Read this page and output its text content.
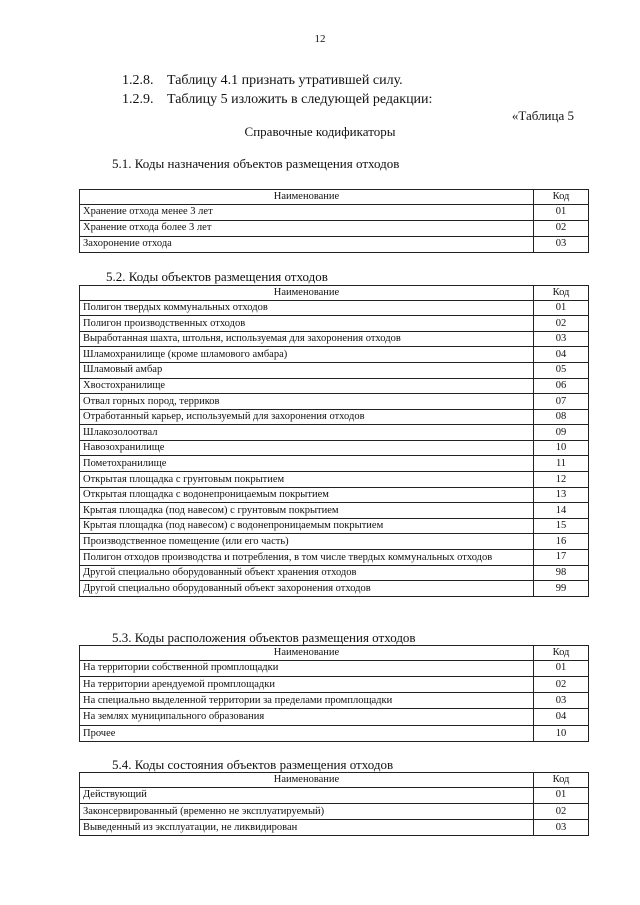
12
1.2.8. Таблицу 4.1 признать утратившей силу.
1.2.9. Таблицу 5 изложить в следующей редакции:
«Таблица 5
Справочные кодификаторы
5.1. Коды назначения объектов размещения отходов
Наименование	Код
Хранение отхода менее 3 лет	01
Хранение отхода более 3 лет	02
Захоронение отхода	03
5.2. Коды объектов размещения отходов
Наименование	Код
Полигон твердых коммунальных отходов	01
Полигон производственных отходов	02
Выработанная шахта, штольня, используемая для захоронения отходов	03
Шламохранилище (кроме шламового амбара)	04
Шламовый амбар	05
Хвостохранилище	06
Отвал горных пород, терриков	07
Отработанный карьер, используемый для захоронения отходов	08
Шлакозолоотвал	09
Навозохранилище	10
Пометохранилище	11
Открытая площадка с грунтовым покрытием	12
Открытая площадка с водонепроницаемым покрытием	13
Крытая площадка (под навесом) с грунтовым покрытием	14
Крытая площадка (под навесом) с водонепроницаемым покрытием	15
Производственное помещение (или его часть)	16
Полигон отходов производства и потребления, в том числе твердых коммунальных отходов	17
Другой специально оборудованный объект хранения отходов	98
Другой специально оборудованный объект захоронения отходов	99
5.3. Коды расположения объектов размещения отходов
Наименование	Код
На территории собственной промплощадки	01
На территории арендуемой промплощадки	02
На специально выделенной территории за пределами промплощадки	03
На землях муниципального образования	04
Прочее	10
5.4. Коды состояния объектов размещения отходов
Наименование	Код
Действующий	01
Законсервированный (временно не эксплуатируемый)	02
Выведенный из эксплуатации, не ликвидирован	03
